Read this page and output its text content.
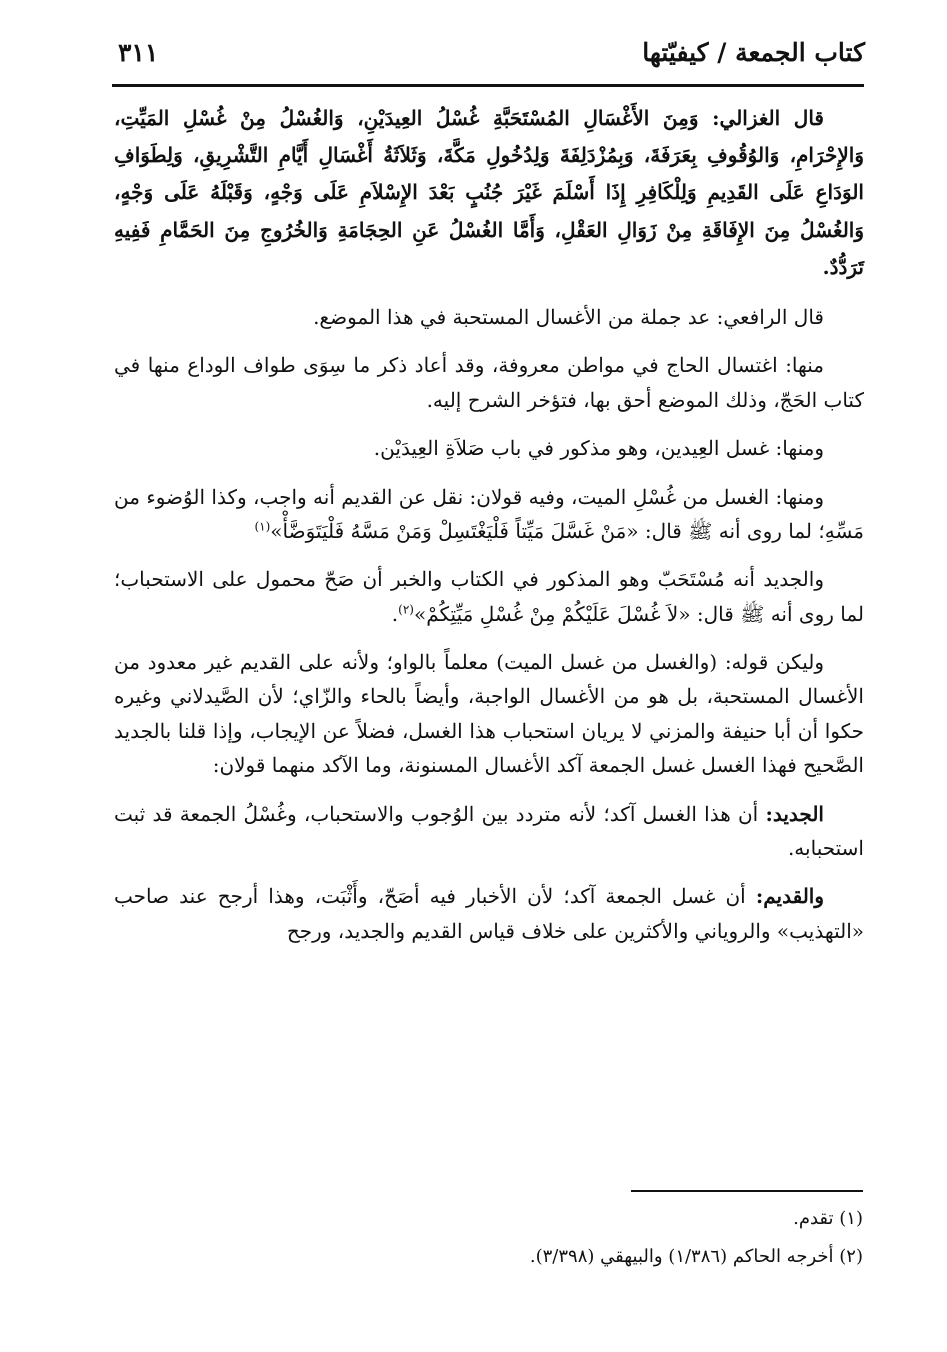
كتاب الجمعة / كيفيّتها
٣١١

قال الغزالي: وَمِنَ الأَغْسَالِ المُسْتَحَبَّةِ غُسْلُ العِيدَيْنِ، وَالغُسْلُ مِنْ غُسْلِ المَيِّتِ، وَالإِحْرَامِ، وَالوُقُوفِ بِعَرَفَةَ، وَبِمُزْدَلِفَةَ وَلِدُخُولِ مَكَّةَ، وَثَلاَثَةُ أَغْسَالِ أَيَّامِ التَّشْرِيقِ، وَلِطَوَافِ الوَدَاعِ عَلَى القَدِيمِ وَلِلْكَافِرِ إِذَا أَسْلَمَ غَيْرَ جُنُبٍ بَعْدَ الإِسْلاَمِ عَلَى وَجْهٍ، وَقَبْلَهُ عَلَى وَجْهٍ، وَالغُسْلُ مِنَ الإِفَاقَةِ مِنْ زَوَالِ العَقْلِ، وَأَمَّا الغُسْلُ عَنِ الحِجَامَةِ وَالخُرُوجِ مِنَ الحَمَّامِ فَفِيهِ تَرَدُّدٌ.

قال الرافعي: عد جملة من الأغسال المستحبة في هذا الموضع.

منها: اغتسال الحاج في مواطن معروفة، وقد أعاد ذكر ما سِوَى طواف الوداع منها في كتاب الحَجّ، وذلك الموضع أحق بها، فتؤخر الشرح إليه.

ومنها: غسل العِيدين، وهو مذكور في باب صَلاَةِ العِيدَيْن.

ومنها: الغسل من غُسْلِ الميت، وفيه قولان: نقل عن القديم أنه واجب، وكذا الوُضوء من مَسِّهِ؛ لما روى أنه ﷺ قال: «مَنْ غَسَّلَ مَيِّتاً فَلْيَغْتَسِلْ وَمَنْ مَسَّهُ فَلْيَتَوَضَّأْ»$^{(١)}$

والجديد أنه مُسْتَحَبّ وهو المذكور في الكتاب والخبر أن صَحّ محمول على الاستحباب؛ لما روى أنه ﷺ قال: «لاَ غُسْلَ عَلَيْكُمْ مِنْ غُسْلِ مَيِّتِكُمْ»$^{(٢)}$.

وليكن قوله: (والغسل من غسل الميت) معلماً بالواو؛ ولأنه على القديم غير معدود من الأغسال المستحبة، بل هو من الأغسال الواجبة، وأيضاً بالحاء والزّاي؛ لأن الصَّيدلاني وغيره حكوا أن أبا حنيفة والمزني لا يريان استحباب هذا الغسل، فضلاً عن الإيجاب، وإذا قلنا بالجديد الصَّحيح فهذا الغسل غسل الجمعة آكد الأغسال المسنونة، وما الآكد منهما قولان:

الجديد: أن هذا الغسل آكد؛ لأنه متردد بين الوُجوب والاستحباب، وغُسْلُ الجمعة قد ثبت استحبابه.

والقديم: أن غسل الجمعة آكد؛ لأن الأخبار فيه أصَحّ، وأَثْبَت، وهذا أرجح عند صاحب «التهذيب» والروياني والأكثرين على خلاف قياس القديم والجديد، ورجح

(١) تقدم.

(٢) أخرجه الحاكم (١/٣٨٦) والبيهقي (٣/٣٩٨).
